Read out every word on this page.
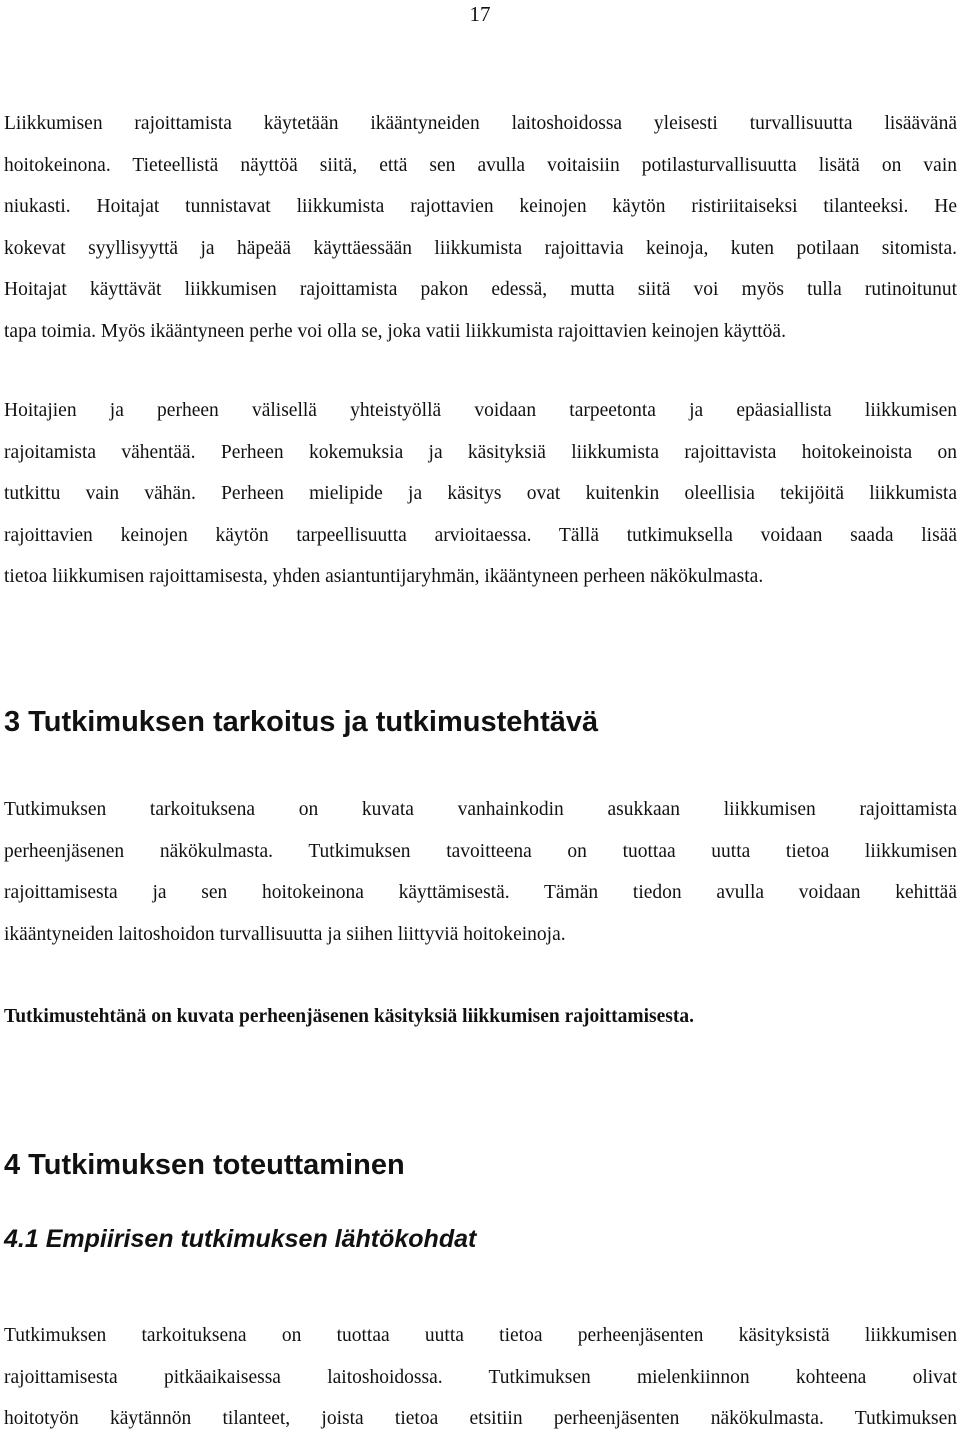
17
Liikkumisen rajoittamista käytetään ikääntyneiden laitoshoidossa yleisesti turvallisuutta lisäävänä
hoitokeinona. Tieteellistä näyttöä siitä, että sen avulla voitaisiin potilasturvallisuutta lisätä on vain
niukasti. Hoitajat tunnistavat liikkumista rajottavien keinojen käytön ristiriitaiseksi tilanteeksi. He
kokevat syyllisyyttä ja häpeää käyttäessään liikkumista rajoittavia keinoja, kuten potilaan sitomista.
Hoitajat käyttävät liikkumisen rajoittamista pakon edessä, mutta siitä voi myös tulla rutinoitunut
tapa toimia. Myös ikääntyneen perhe voi olla se, joka vatii liikkumista rajoittavien keinojen käyttöä.
Hoitajien ja perheen välisellä yhteistyöllä voidaan tarpeetonta ja epäasiallista liikkumisen
rajoitamista vähentää. Perheen kokemuksia ja käsityksiä liikkumista rajoittavista hoitokeinoista on
tutkittu vain vähän. Perheen mielipide ja käsitys ovat kuitenkin oleellisia tekijöitä liikkumista
rajoittavien keinojen käytön tarpeellisuutta arvioitaessa. Tällä tutkimuksella voidaan saada lisää
tietoa liikkumisen rajoittamisesta, yhden asiantuntijaryhmän, ikääntyneen perheen näkökulmasta.
3 Tutkimuksen tarkoitus ja tutkimustehtävä
Tutkimuksen tarkoituksena on kuvata vanhainkodin asukkaan liikkumisen rajoittamista
perheenjäsenen näkökulmasta. Tutkimuksen tavoitteena on tuottaa uutta tietoa liikkumisen
rajoittamisesta ja sen hoitokeinona käyttämisestä. Tämän tiedon avulla voidaan kehittää
ikääntyneiden laitoshoidon turvallisuutta ja siihen liittyviä hoitokeinoja.
Tutkimustehtänä on kuvata perheenjäsenen käsityksiä liikkumisen rajoittamisesta.
4 Tutkimuksen toteuttaminen
4.1 Empiirisen tutkimuksen lähtökohdat
Tutkimuksen tarkoituksena on tuottaa uutta tietoa perheenjäsenten käsityksistä liikkumisen
rajoittamisesta pitkäaikaisessa laitoshoidossa. Tutkimuksen mielenkiinnon kohteena olivat
hoitotyön käytännön tilanteet, joista tietoa etsitiin perheenjäsenten näkökulmasta. Tutkimuksen
